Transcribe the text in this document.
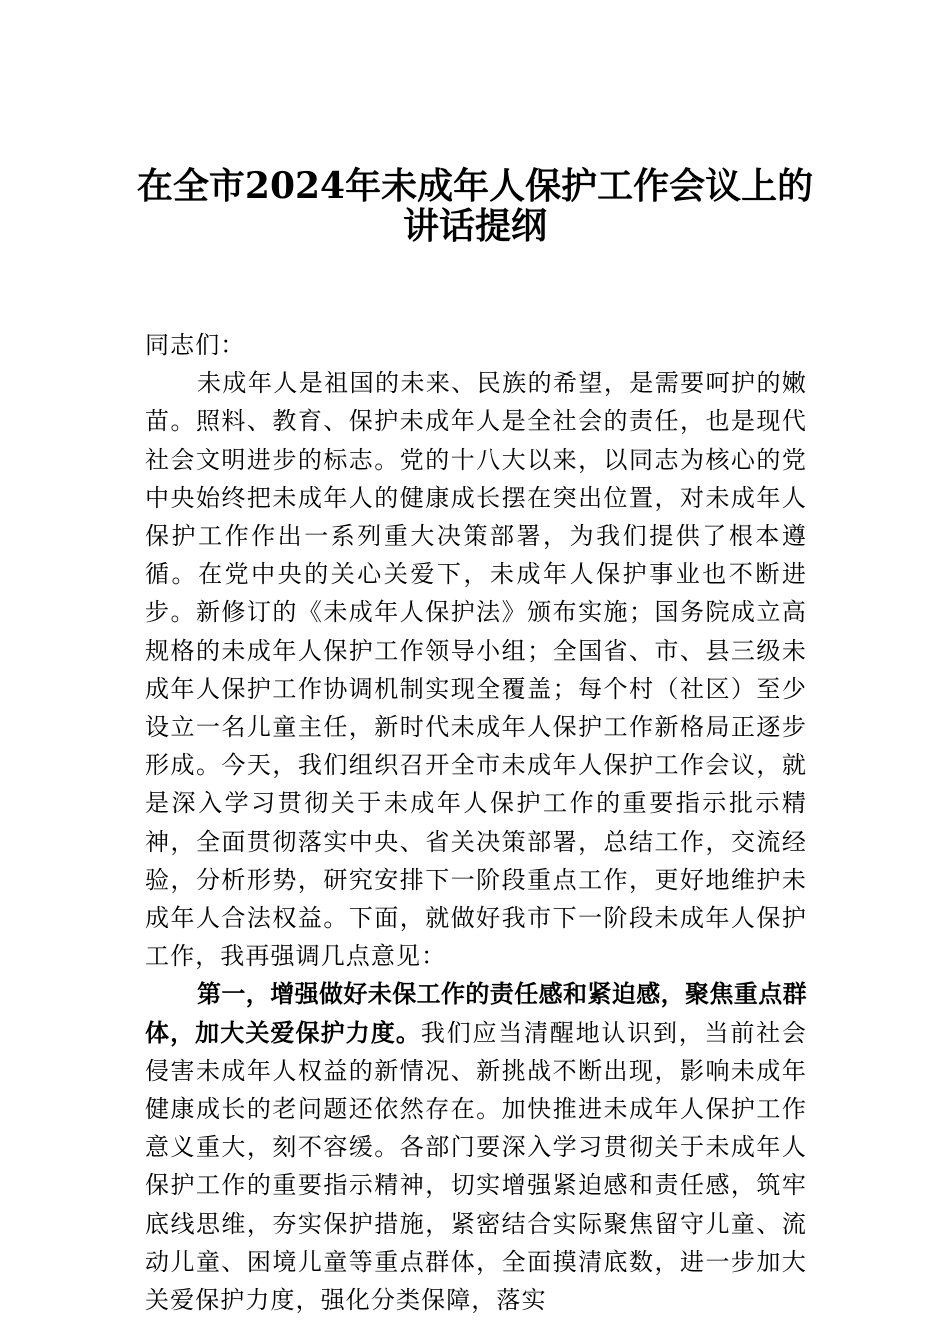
在全市2024年未成年人保护工作会议上的
讲话提纲

同志们：

未成年人是祖国的未来、民族的希望，是需要呵护的嫩苗。照料、教育、保护未成年人是全社会的责任，也是现代社会文明进步的标志。党的十八大以来，以同志为核心的党中央始终把未成年人的健康成长摆在突出位置，对未成年人保护工作作出一系列重大决策部署，为我们提供了根本遵循。在党中央的关心关爱下，未成年人保护事业也不断进步。新修订的《未成年人保护法》颁布实施；国务院成立高规格的未成年人保护工作领导小组；全国省、市、县三级未成年人保护工作协调机制实现全覆盖；每个村（社区）至少设立一名儿童主任，新时代未成年人保护工作新格局正逐步形成。今天，我们组织召开全市未成年人保护工作会议，就是深入学习贯彻关于未成年人保护工作的重要指示批示精神，全面贯彻落实中央、省关决策部署，总结工作，交流经验，分析形势，研究安排下一阶段重点工作，更好地维护未成年人合法权益。下面，就做好我市下一阶段未成年人保护工作，我再强调几点意见：

第一，增强做好未保工作的责任感和紧迫感，聚焦重点群体，加大关爱保护力度。我们应当清醒地认识到，当前社会侵害未成年人权益的新情况、新挑战不断出现，影响未成年健康成长的老问题还依然存在。加快推进未成年人保护工作意义重大，刻不容缓。各部门要深入学习贯彻关于未成年人保护工作的重要指示精神，切实增强紧迫感和责任感，筑牢底线思维，夯实保护措施，紧密结合实际聚焦留守儿童、流动儿童、困境儿童等重点群体，全面摸清底数，进一步加大关爱保护力度，强化分类保障，落实
